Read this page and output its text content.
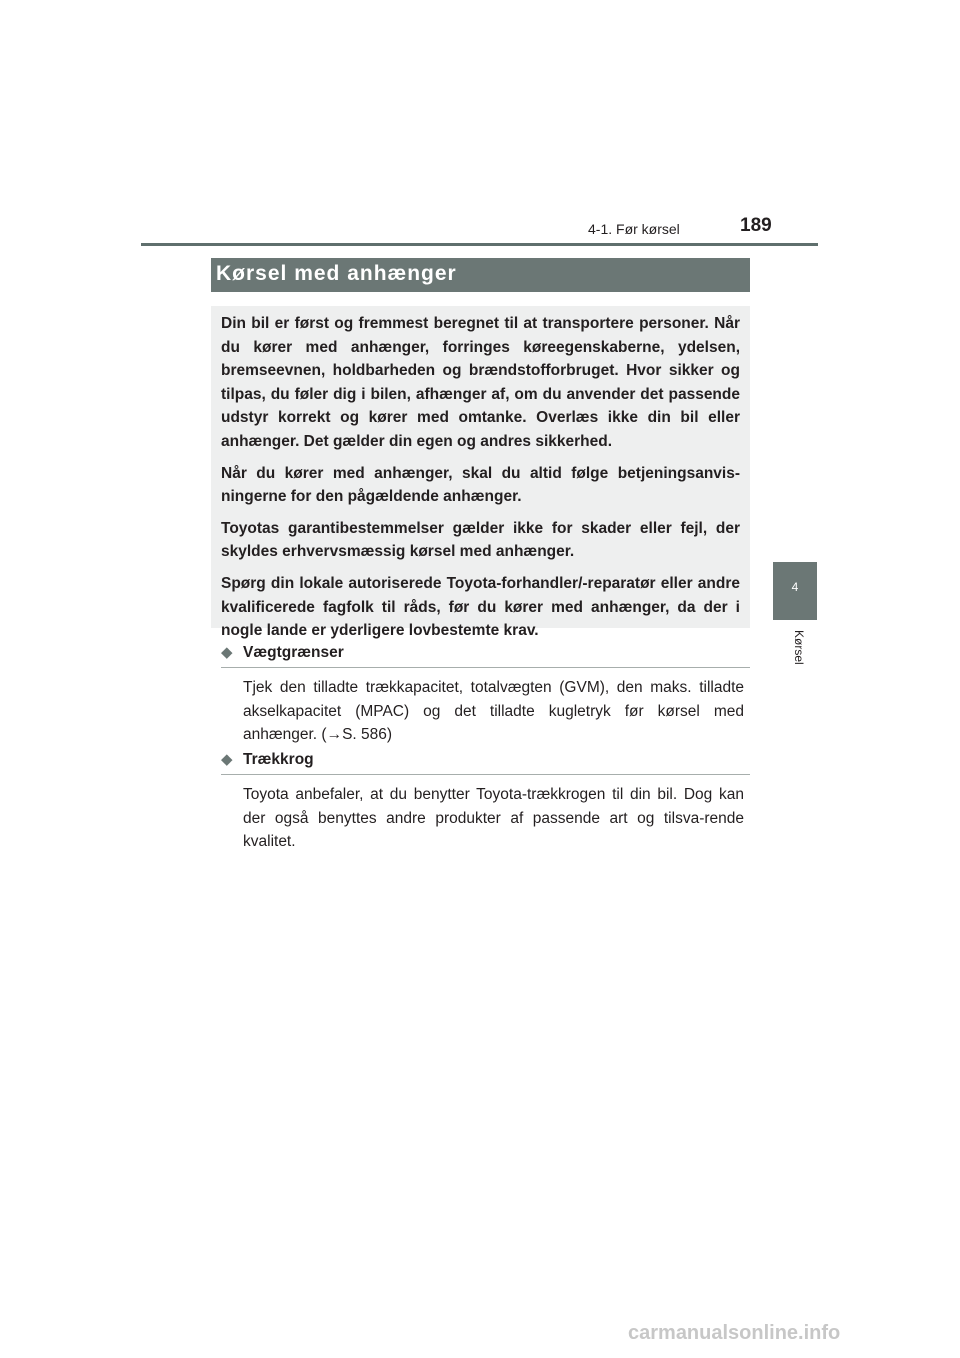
4-1. Før kørsel	189
4
Kørsel
Kørsel med anhænger

Din bil er først og fremmest beregnet til at transportere personer. Når du kører med anhænger, forringes køreegenskaberne, ydelsen, bremseevnen, holdbarheden og brændstofforbruget. Hvor sikker og tilpas, du føler dig i bilen, afhænger af, om du anvender det passende udstyr korrekt og kører med omtanke. Overlæs ikke din bil eller anhænger. Det gælder din egen og andres sikkerhed.

Når du kører med anhænger, skal du altid følge betjeningsanvis-ningerne for den pågældende anhænger.

Toyotas garantibestemmelser gælder ikke for skader eller fejl, der skyldes erhvervsmæssig kørsel med anhænger.

Spørg din lokale autoriserede Toyota-forhandler/-reparatør eller andre kvalificerede fagfolk til råds, før du kører med anhænger, da der i nogle lande er yderligere lovbestemte krav.

◆ Vægtgrænser
Tjek den tilladte trækkapacitet, totalvægten (GVM), den maks. tilladte akselkapacitet (MPAC) og det tilladte kugletryk før kørsel med anhænger. (→S. 586)
◆ Trækkrog
Toyota anbefaler, at du benytter Toyota-trækkrogen til din bil. Dog kan der også benyttes andre produkter af passende art og tilsva-rende kvalitet.
carmanualsonline.info
